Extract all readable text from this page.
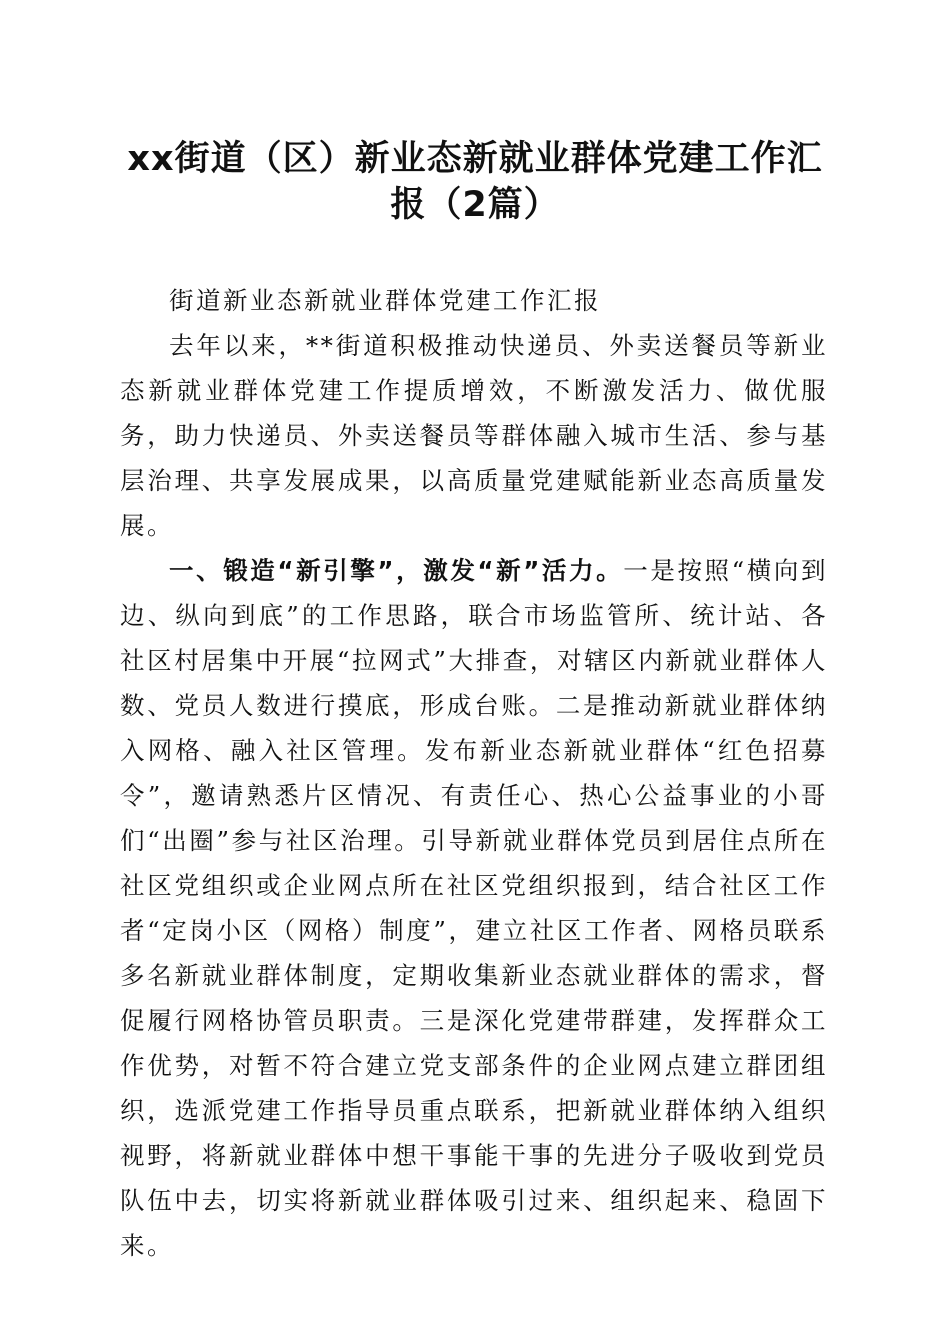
xx街道（区）新业态新就业群体党建工作汇
报（2篇）

街道新业态新就业群体党建工作汇报

去年以来，**街道积极推动快递员、外卖送餐员等新业态新就业群体党建工作提质增效，不断激发活力、做优服务，助力快递员、外卖送餐员等群体融入城市生活、参与基层治理、共享发展成果，以高质量党建赋能新业态高质量发展。

一、锻造“新引擎”，激发“新”活力。一是按照“横向到边、纵向到底”的工作思路，联合市场监管所、统计站、各社区村居集中开展“拉网式”大排查，对辖区内新就业群体人数、党员人数进行摸底，形成台账。二是推动新就业群体纳入网格、融入社区管理。发布新业态新就业群体“红色招募令”，邀请熟悉片区情况、有责任心、热心公益事业的小哥们“出圈”参与社区治理。引导新就业群体党员到居住点所在社区党组织或企业网点所在社区党组织报到，结合社区工作者“定岗小区（网格）制度”，建立社区工作者、网格员联系多名新就业群体制度，定期收集新业态就业群体的需求，督促履行网格协管员职责。三是深化党建带群建，发挥群众工作优势，对暂不符合建立党支部条件的企业网点建立群团组织，选派党建工作指导员重点联系，把新就业群体纳入组织视野，将新就业群体中想干事能干事的先进分子吸收到党员队伍中去，切实将新就业群体吸引过来、组织起来、稳固下来。
